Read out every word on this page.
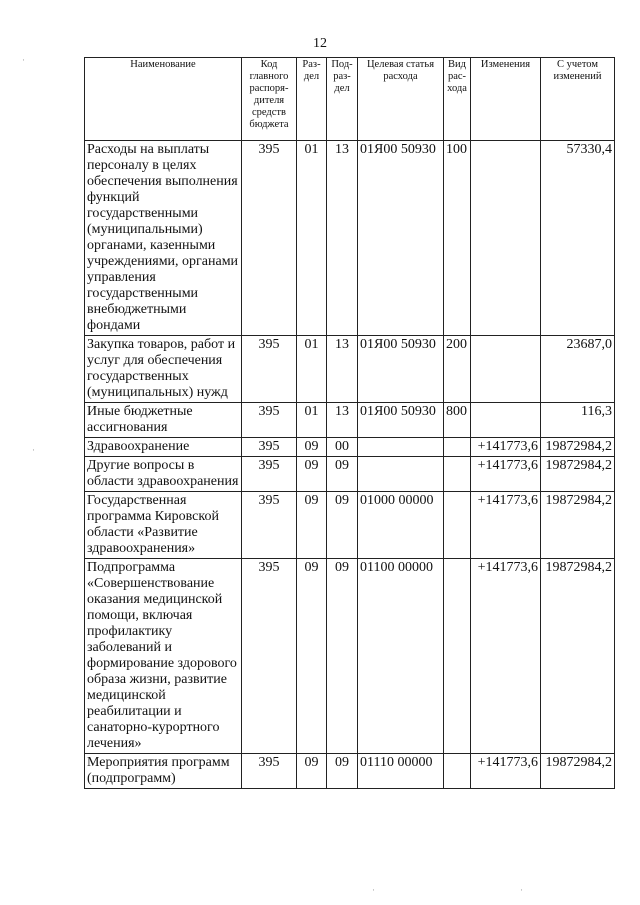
12
Наименование	Код главного распоря-дителя средств бюджета	Раз-дел	Под-раз-дел	Целевая статья расхода	Вид рас-хода	Изменения	С учетом изменений
Расходы на выплаты персоналу в целях обеспечения выполнения функций государственными (муниципальными) органами, казенными учреждениями, органами управления государственными внебюджетными фондами	395	01	13	01Я00 50930	100		57330,4
Закупка товаров, работ и услуг для обеспечения государственных (муниципальных) нужд	395	01	13	01Я00 50930	200		23687,0
Иные бюджетные ассигнования	395	01	13	01Я00 50930	800		116,3
Здравоохранение	395	09	00			+141773,6	19872984,2
Другие вопросы в области здравоохранения	395	09	09			+141773,6	19872984,2
Государственная программа Кировской области «Развитие здравоохранения»	395	09	09	01000 00000		+141773,6	19872984,2
Подпрограмма «Совершенствование оказания медицинской помощи, включая профилактику заболеваний и формирование здорового образа жизни, развитие медицинской реабилитации и санаторно-курортного лечения»	395	09	09	01100 00000		+141773,6	19872984,2
Мероприятия программ (подпрограмм)	395	09	09	01110 00000		+141773,6	19872984,2
·
·
·	·
